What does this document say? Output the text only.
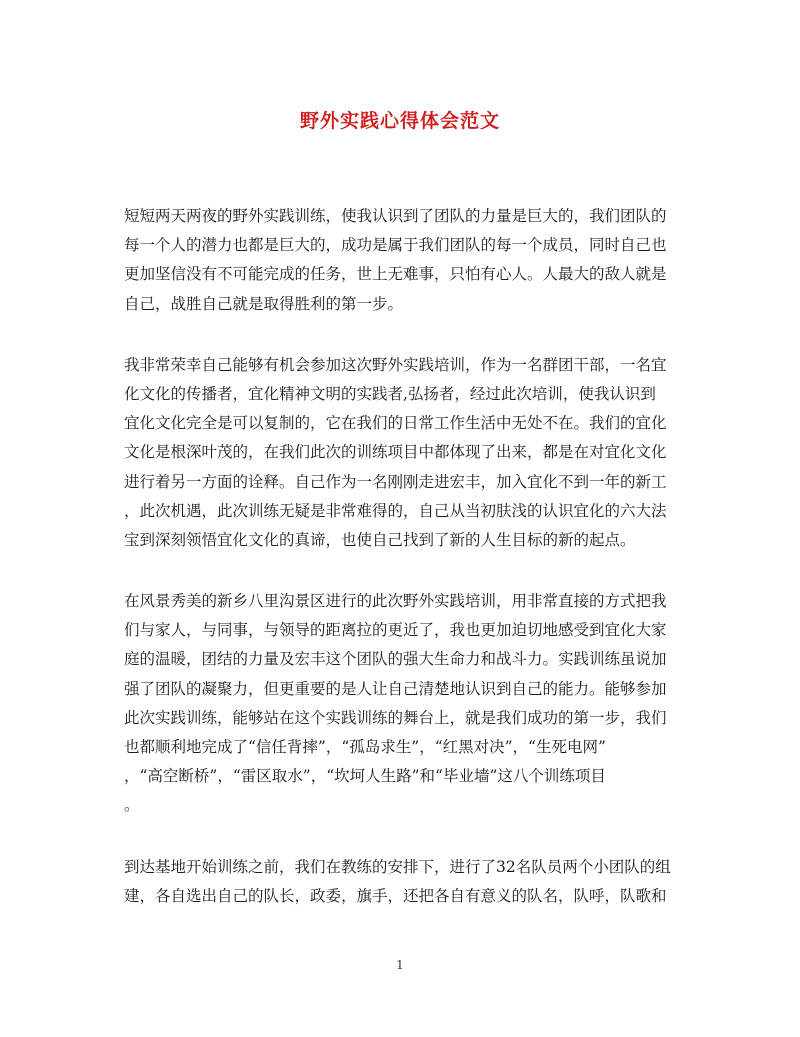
野外实践心得体会范文
短短两天两夜的野外实践训练，使我认识到了团队的力量是巨大的，我们团队的
每一个人的潜力也都是巨大的，成功是属于我们团队的每一个成员，同时自己也
更加坚信没有不可能完成的任务，世上无难事，只怕有心人。人最大的敌人就是
自己，战胜自己就是取得胜利的第一步。
我非常荣幸自己能够有机会参加这次野外实践培训，作为一名群团干部，一名宜
化文化的传播者，宜化精神文明的实践者,弘扬者，经过此次培训，使我认识到
宜化文化完全是可以复制的，它在我们的日常工作生活中无处不在。我们的宜化
文化是根深叶茂的，在我们此次的训练项目中都体现了出来，都是在对宜化文化
进行着另一方面的诠释。自己作为一名刚刚走进宏丰，加入宜化不到一年的新工
，此次机遇，此次训练无疑是非常难得的，自己从当初肤浅的认识宜化的六大法
宝到深刻领悟宜化文化的真谛，也使自己找到了新的人生目标的新的起点。
在风景秀美的新乡八里沟景区进行的此次野外实践培训，用非常直接的方式把我
们与家人，与同事，与领导的距离拉的更近了，我也更加迫切地感受到宜化大家
庭的温暖，团结的力量及宏丰这个团队的强大生命力和战斗力。实践训练虽说加
强了团队的凝聚力，但更重要的是人让自己清楚地认识到自己的能力。能够参加
此次实践训练，能够站在这个实践训练的舞台上，就是我们成功的第一步，我们
也都顺利地完成了“信任背摔”，“孤岛求生”，“红黑对决”，“生死电网”
，“高空断桥”，“雷区取水”，“坎坷人生路”和“毕业墙”这八个训练项目
。
到达基地开始训练之前，我们在教练的安排下，进行了32名队员两个小团队的组
建，各自选出自己的队长，政委，旗手，还把各自有意义的队名，队呼，队歌和
1
